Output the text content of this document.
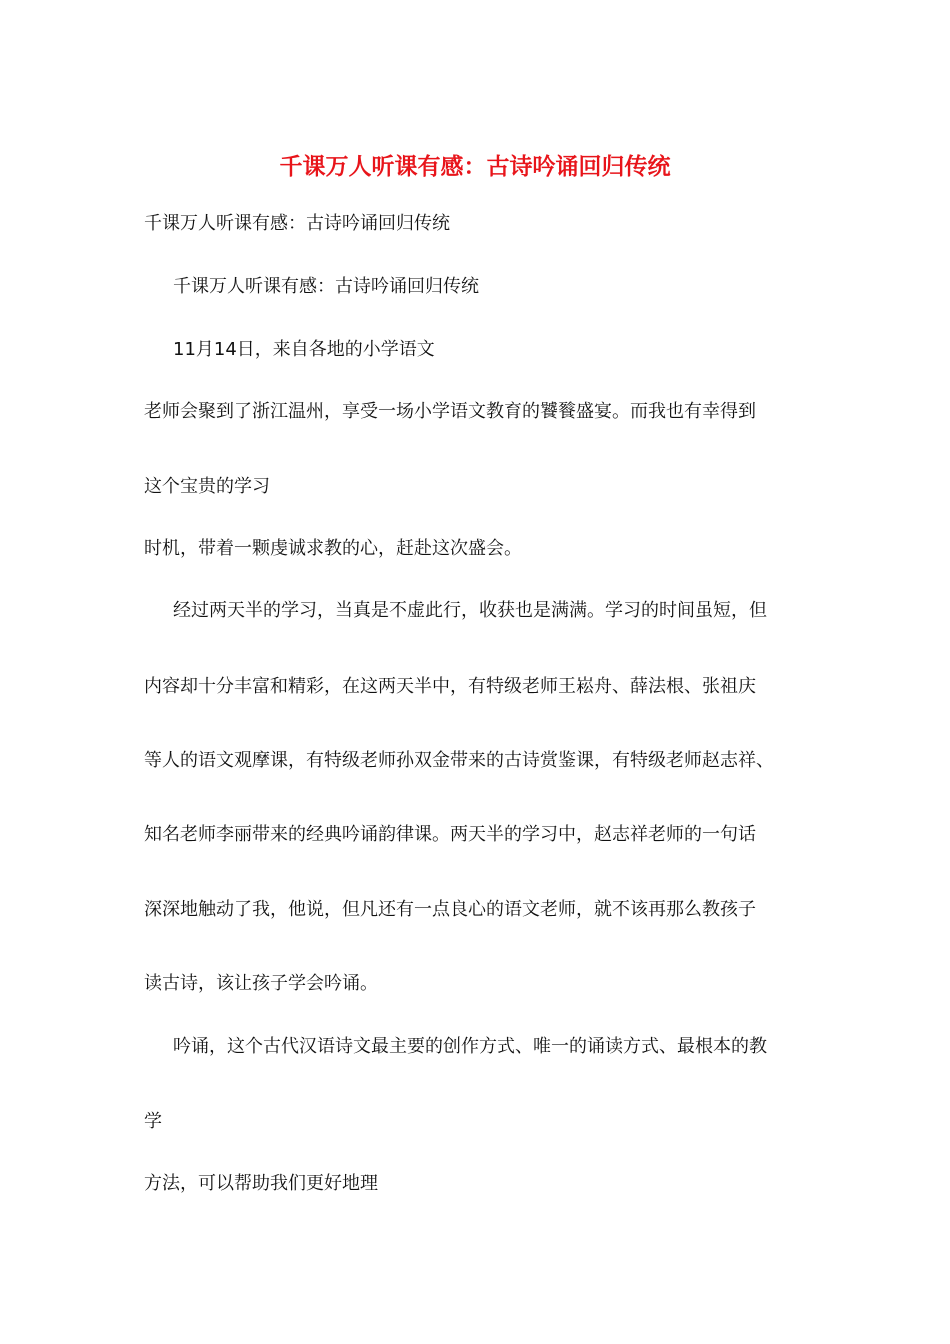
千课万人听课有感：古诗吟诵回归传统
千课万人听课有感：古诗吟诵回归传统
千课万人听课有感：古诗吟诵回归传统
11月14日，来自各地的小学语文
老师会聚到了浙江温州，享受一场小学语文教育的饕餮盛宴。而我也有幸得到
这个宝贵的学习
时机，带着一颗虔诚求教的心，赶赴这次盛会。
经过两天半的学习，当真是不虚此行，收获也是满满。学习的时间虽短，但
内容却十分丰富和精彩，在这两天半中，有特级老师王崧舟、薛法根、张祖庆
等人的语文观摩课，有特级老师孙双金带来的古诗赏鉴课，有特级老师赵志祥、
知名老师李丽带来的经典吟诵韵律课。两天半的学习中，赵志祥老师的一句话
深深地触动了我，他说，但凡还有一点良心的语文老师，就不该再那么教孩子
读古诗，该让孩子学会吟诵。
吟诵，这个古代汉语诗文最主要的创作方式、唯一的诵读方式、最根本的教
学
方法，可以帮助我们更好地理
